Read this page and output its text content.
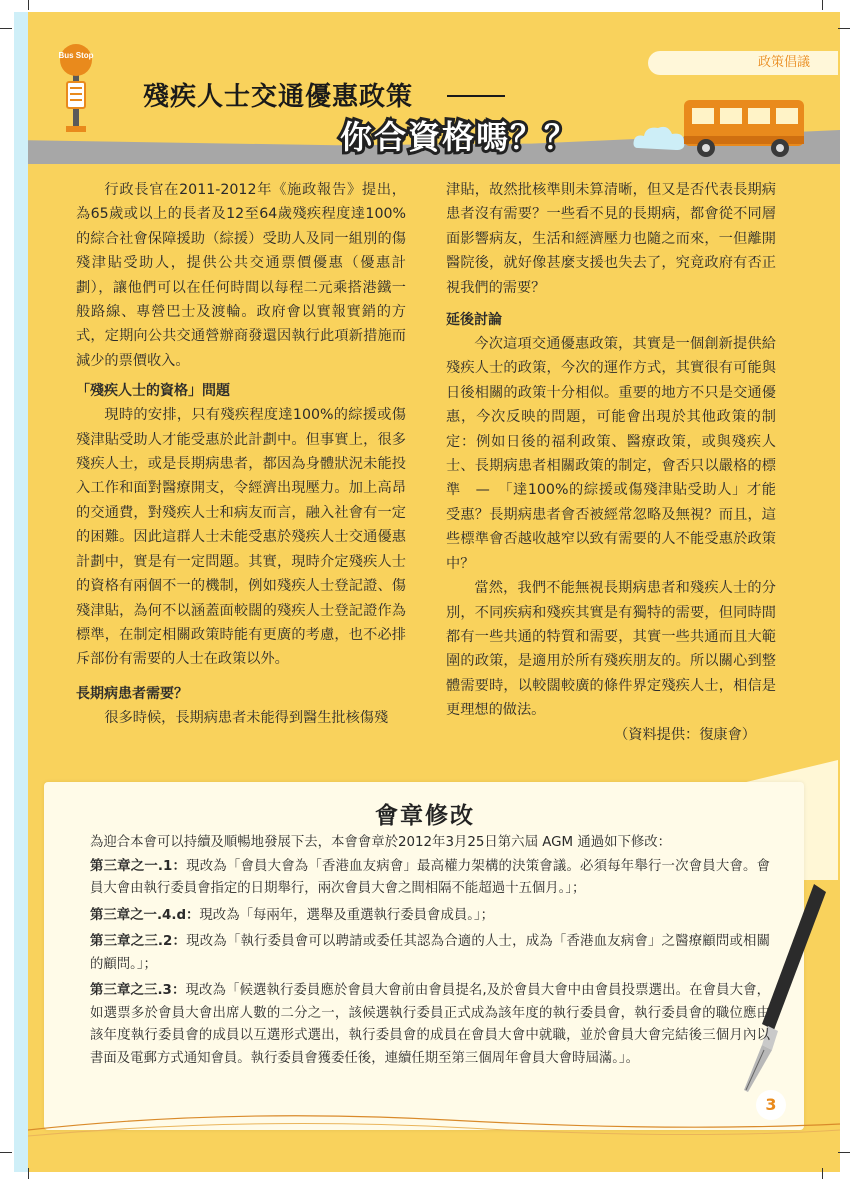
Bus Stop	政策倡議
殘疾人士交通優惠政策
你合資格嗎？？

行政長官在2011-2012年《施政報告》提出，為65歲或以上的長者及12至64歲殘疾程度達100%的綜合社會保障援助（綜援）受助人及同一組別的傷殘津貼受助人，提供公共交通票價優惠（優惠計劃），讓他們可以在任何時間以每程二元乘搭港鐵一般路線、專營巴士及渡輪。政府會以實報實銷的方式，定期向公共交通營辦商發還因執行此項新措施而減少的票價收入。

「殘疾人士的資格」問題

現時的安排，只有殘疾程度達100%的綜援或傷殘津貼受助人才能受惠於此計劃中。但事實上，很多殘疾人士，或是長期病患者，都因為身體狀況未能投入工作和面對醫療開支，令經濟出現壓力。加上高昂的交通費，對殘疾人士和病友而言，融入社會有一定的困難。因此這群人士未能受惠於殘疾人士交通優惠計劃中，實是有一定問題。其實，現時介定殘疾人士的資格有兩個不一的機制，例如殘疾人士登記證、傷殘津貼，為何不以涵蓋面較闊的殘疾人士登記證作為標準，在制定相關政策時能有更廣的考慮，也不必排斥部份有需要的人士在政策以外。

長期病患者需要？

很多時候，長期病患者未能得到醫生批核傷殘

津貼，故然批核準則未算清晰，但又是否代表長期病患者沒有需要？一些看不見的長期病，都會從不同層面影響病友，生活和經濟壓力也隨之而來，一但離開醫院後，就好像甚麼支援也失去了，究竟政府有否正視我們的需要？

延後討論

今次這項交通優惠政策，其實是一個創新提供給殘疾人士的政策，今次的運作方式，其實很有可能與日後相關的政策十分相似。重要的地方不只是交通優惠，今次反映的問題，可能會出現於其他政策的制定：例如日後的福利政策、醫療政策，或與殘疾人士、長期病患者相關政策的制定，會否只以嚴格的標準　—　「達100%的綜援或傷殘津貼受助人」才能受惠？長期病患者會否被經常忽略及無視？而且，這些標準會否越收越窄以致有需要的人不能受惠於政策中？

當然，我們不能無視長期病患者和殘疾人士的分別，不同疾病和殘疾其實是有獨特的需要，但同時間都有一些共通的特質和需要，其實一些共通而且大範圍的政策，是適用於所有殘疾朋友的。所以關心到整體需要時，以較闊較廣的條件界定殘疾人士，相信是更理想的做法。

（資料提供：復康會）

會章修改

為迎合本會可以持續及順暢地發展下去，本會會章於2012年3月25日第六屆 AGM 通過如下修改：

第三章之一.1：現改為「會員大會為「香港血友病會」最高權力架構的決策會議。必須每年舉行一次會員大會。會員大會由執行委員會指定的日期舉行，兩次會員大會之間相隔不能超過十五個月。」；

第三章之一.4.d：現改為「每兩年，選舉及重選執行委員會成員。」；

第三章之三.2：現改為「執行委員會可以聘請或委任其認為合適的人士，成為「香港血友病會」之醫療顧問或相關的顧問。」；

第三章之三.3：現改為「候選執行委員應於會員大會前由會員提名,及於會員大會中由會員投票選出。在會員大會，如選票多於會員大會出席人數的二分之一，該候選執行委員正式成為該年度的執行委員會，執行委員會的職位應由該年度執行委員會的成員以互選形式選出，執行委員會的成員在會員大會中就職，並於會員大會完結後三個月內以書面及電郵方式通知會員。執行委員會獲委任後，連續任期至第三個周年會員大會時屆滿。」。

3
